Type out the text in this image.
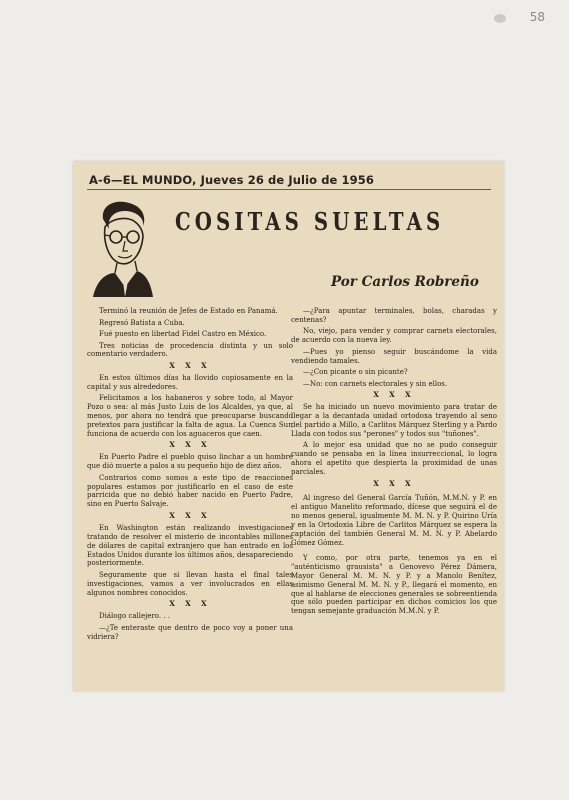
58
A-6—EL MUNDO, Jueves 26 de Julio de 1956
COSITAS SUELTAS
Por Carlos Robreño

Terminó la reunión de Jefes de Estado en Panamá.

Regresó Batista a Cuba.

Fué puesto en libertad Fidel Castro en México.

Tres noticias de procedencia distinta y un solo comentario verdadero.

X X X

En estos últimos días ha llovido copiosamente en la capital y sus alrededores.

Felicitamos a los habaneros y sobre todo, al Mayor Pozo o sea: al más Justo Luis de los Alcaldes, ya que, al menos, por ahora no tendrá que preocuparse buscando pretextos para justificar la falta de agua. La Cuenca Sur, funciona de acuerdo con los aguaceros que caen.

X X X

En Puerto Padre el pueblo quiso linchar a un hombre que dió muerte a palos a su pequeño hijo de diez años.

Contrarios como somos a este tipo de reacciones populares estamos por justificarlo en el caso de este parricida que no debió haber nacido en Puerto Padre, sino en Puerto Salvaje.

X X X

En Washington están realizando investigaciones tratando de resolver el misterio de incontables millones de dólares de capital extranjero que han entrado en los Estados Unidos durante los últimos años, desapareciendo posteriormente.

Seguramente que si llevan hasta el final tales investigaciones, vamos a ver involucrados en ellas algunos nombres conocidos.

X X X

Diálogo callejero. . .

—¿Te enteraste que dentro de poco voy a poner una vidriera?

—¿Para apuntar terminales, bolas, charadas y centenas?

No, viejo, para vender y comprar carnets electorales, de acuerdo con la nueva ley.

—Pues yo pienso seguir buscándome la vida vendiendo tamales.

—¿Con picante o sin picante?

—No: con carnets electorales y sin ellos.

X X X

Se ha iniciado un nuevo movimiento para tratar de llegar a la decantada unidad ortodoxa trayendo al seno del partido a Millo, a Carlitos Márquez Sterling y a Pardo Llada con todos sus "perones" y todos sus "tuñones".

A lo mejor esa unidad que no se pudo conseguir cuando se pensaba en la línea insurreccional, lo logra ahora el apetito que despierta la proximidad de unas parciales.

X X X

Al ingreso del General García Tuñón, M.M.N. y P. en el antiguo Manelito reformado, dícese que seguirá el de no menos general, igualmente M. M. N. y P. Quirino Uría y en la Ortodoxia Libre de Carlitos Márquez se espera la captación del también General M. M. N. y P. Abelardo Gómez Gómez.

Y como, por otra parte, tenemos ya en el "auténticismo grausista" a Genovevo Pérez Dámera, Mayor General M. M. N. y P. y a Manolo Benítez, asimismo General M. M. N. y P., llegará el momento, en que al hablarse de elecciones generales se sobreentienda que sólo pueden participar en dichos comicios los que tengan semejante graduación M.M.N. y P.
